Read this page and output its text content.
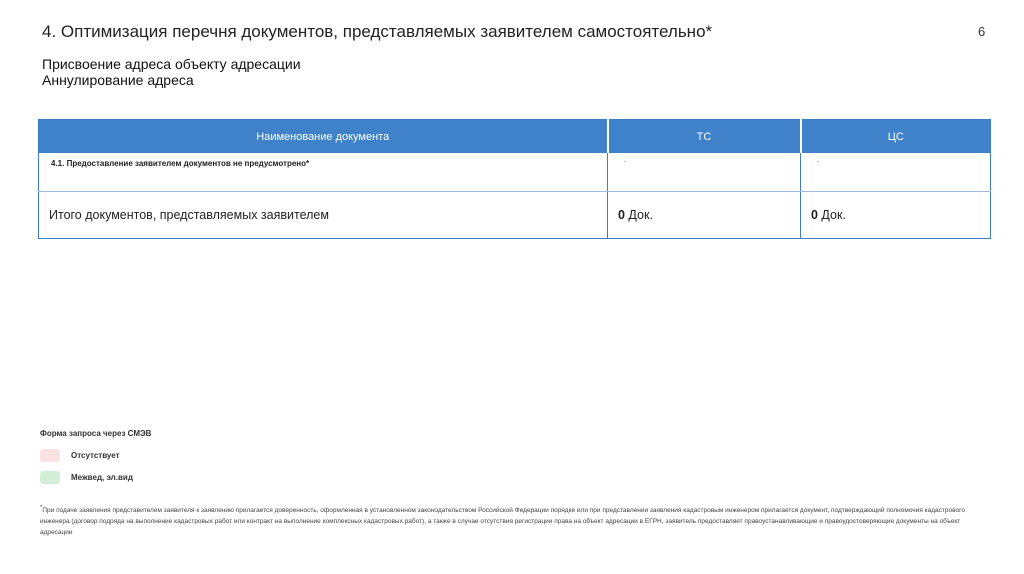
4. Оптимизация перечня документов, представляемых заявителем самостоятельно*	6
Присвоение адреса объекту адресации
Аннулирование адреса
Наименование документа	ТС	ЦС
4.1. Предоставление заявителем документов не предусмотрено*	-	-
Итого документов, представляемых заявителем	0 Док.	0 Док.
Форма запроса через СМЭВ
Отсутствует
Межвед, эл.вид
*При подаче заявления представителем заявителя к заявлению прилагается доверенность, оформленная в установленном законодательством Российской Федерации порядке или при представлении заявления кадастровым инженером прилагается документ, подтверждающий полномочия кадастрового инженера (договор подряда на выполнение кадастровых работ или контракт на выполнение комплексных кадастровых работ), а также в случае отсутствия регистрации права на объект адресации в ЕГРН, заявитель предоставляет правоустанавливающие и правоудостоверяющие документы на объект адресации
